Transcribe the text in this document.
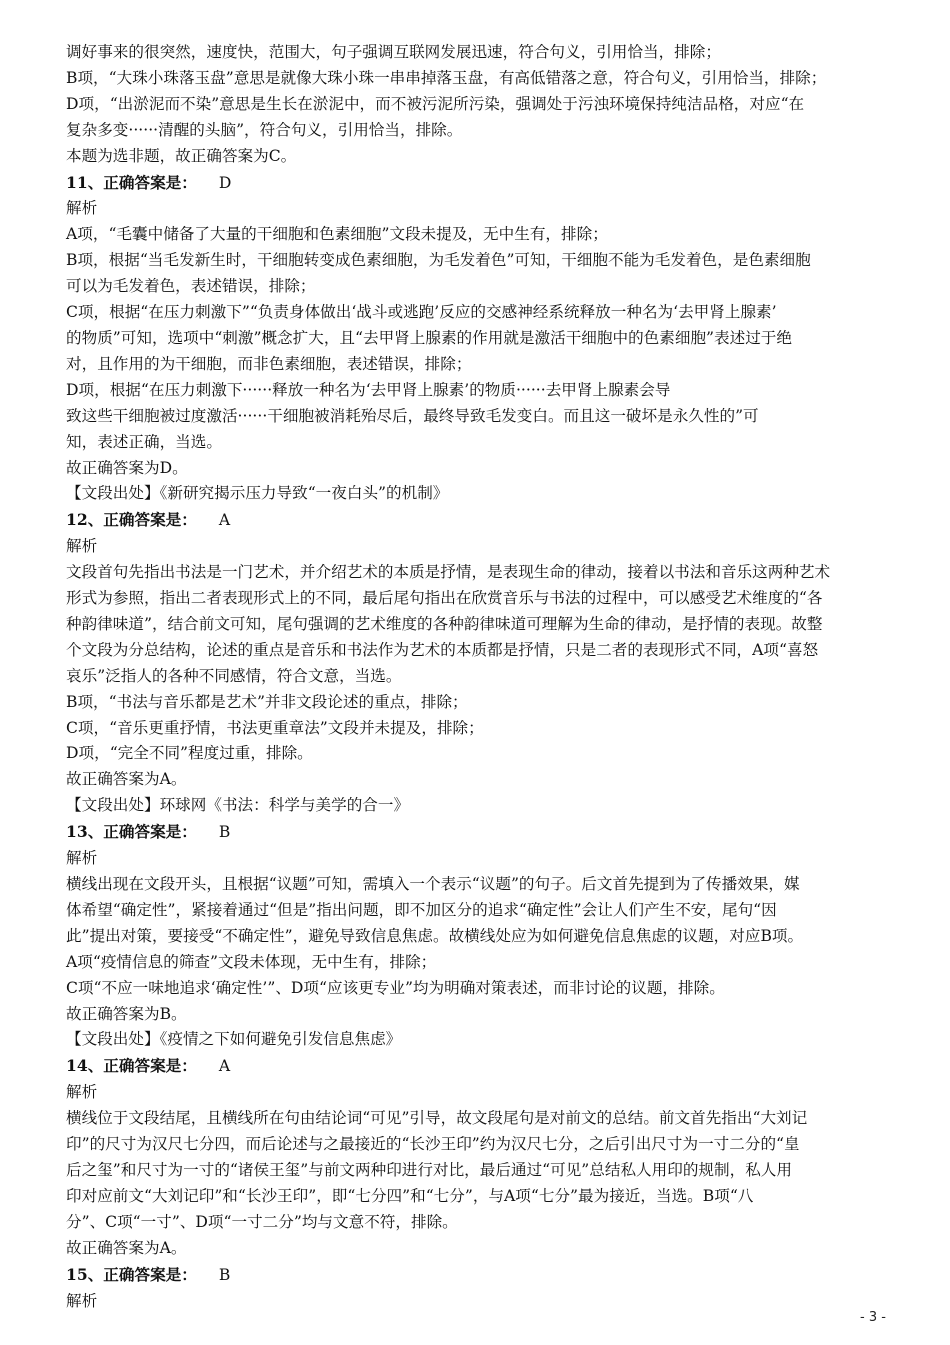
调好事来的很突然，速度快，范围大，句子强调互联网发展迅速，符合句义，引用恰当，排除；
B项，“大珠小珠落玉盘”意思是就像大珠小珠一串串掉落玉盘，有高低错落之意，符合句义，引用恰当，排除；
D项，“出淤泥而不染”意思是生长在淤泥中，而不被污泥所污染，强调处于污浊环境保持纯洁品格，对应“在
复杂多变······清醒的头脑”，符合句义，引用恰当，排除。
本题为选非题，故正确答案为C。
11、正确答案是： D
解析
A项，“毛囊中储备了大量的干细胞和色素细胞”文段未提及，无中生有，排除；
B项，根据“当毛发新生时，干细胞转变成色素细胞，为毛发着色”可知，干细胞不能为毛发着色，是色素细胞
可以为毛发着色，表述错误，排除；
C项，根据“在压力刺激下”“负责身体做出‘战斗或逃跑’反应的交感神经系统释放一种名为‘去甲肾上腺素’
的物质”可知，选项中“刺激”概念扩大，且“去甲肾上腺素的作用就是激活干细胞中的色素细胞”表述过于绝
对，且作用的为干细胞，而非色素细胞，表述错误，排除；
D项，根据“在压力刺激下······释放一种名为‘去甲肾上腺素’的物质······去甲肾上腺素会导
致这些干细胞被过度激活······干细胞被消耗殆尽后，最终导致毛发变白。而且这一破坏是永久性的”可
知，表述正确，当选。
故正确答案为D。
【文段出处】《新研究揭示压力导致“一夜白头”的机制》
12、正确答案是： A
解析
文段首句先指出书法是一门艺术，并介绍艺术的本质是抒情，是表现生命的律动，接着以书法和音乐这两种艺术
形式为参照，指出二者表现形式上的不同，最后尾句指出在欣赏音乐与书法的过程中，可以感受艺术维度的“各
种韵律味道”，结合前文可知，尾句强调的艺术维度的各种韵律味道可理解为生命的律动，是抒情的表现。故整
个文段为分总结构，论述的重点是音乐和书法作为艺术的本质都是抒情，只是二者的表现形式不同，A项“喜怒
哀乐”泛指人的各种不同感情，符合文意，当选。
B项，“书法与音乐都是艺术”并非文段论述的重点，排除；
C项，“音乐更重抒情，书法更重章法”文段并未提及，排除；
D项，“完全不同”程度过重，排除。
故正确答案为A。
【文段出处】环球网《书法：科学与美学的合一》
13、正确答案是： B
解析
横线出现在文段开头，且根据“议题”可知，需填入一个表示“议题”的句子。后文首先提到为了传播效果，媒
体希望“确定性”，紧接着通过“但是”指出问题，即不加区分的追求“确定性”会让人们产生不安，尾句“因
此”提出对策，要接受“不确定性”，避免导致信息焦虑。故横线处应为如何避免信息焦虑的议题，对应B项。
A项“疫情信息的筛查”文段未体现，无中生有，排除；
C项“不应一味地追求‘确定性’”、D项“应该更专业”均为明确对策表述，而非讨论的议题，排除。
故正确答案为B。
【文段出处】《疫情之下如何避免引发信息焦虑》
14、正确答案是： A
解析
横线位于文段结尾，且横线所在句由结论词“可见”引导，故文段尾句是对前文的总结。前文首先指出“大刘记
印”的尺寸为汉尺七分四，而后论述与之最接近的“长沙王印”约为汉尺七分，之后引出尺寸为一寸二分的“皇
后之玺”和尺寸为一寸的“诸侯王玺”与前文两种印进行对比，最后通过“可见”总结私人用印的规制，私人用
印对应前文“大刘记印”和“长沙王印”，即“七分四”和“七分”，与A项“七分”最为接近，当选。B项“八
分”、C项“一寸”、D项“一寸二分”均与文意不符，排除。
故正确答案为A。
15、正确答案是： B
解析
- 3 -
